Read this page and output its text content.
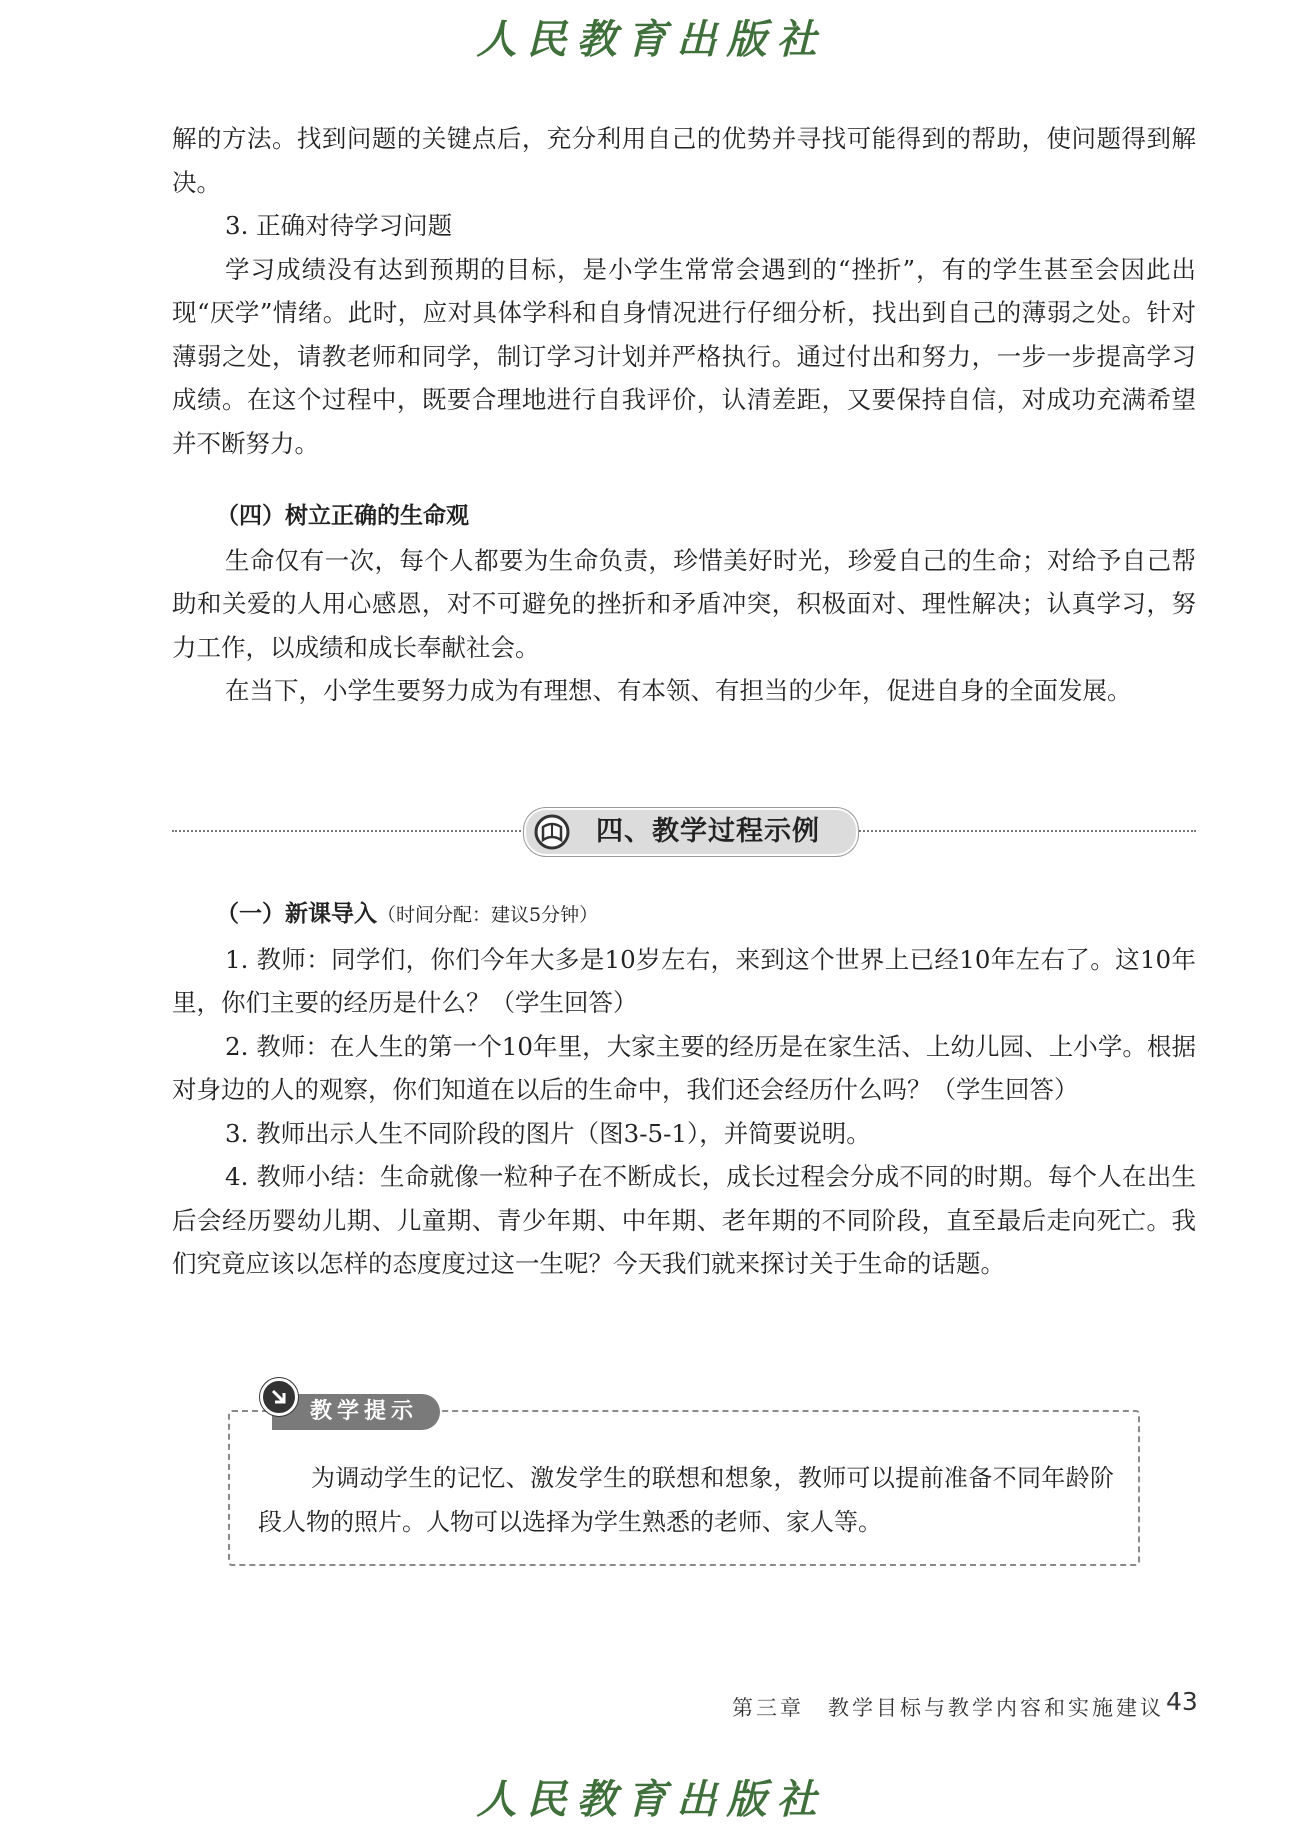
人民教育出版社

解的方法。找到问题的关键点后，充分利用自己的优势并寻找可能得到的帮助，使问题得到解决。

3. 正确对待学习问题

学习成绩没有达到预期的目标，是小学生常常会遇到的“挫折”，有的学生甚至会因此出现“厌学”情绪。此时，应对具体学科和自身情况进行仔细分析，找出到自己的薄弱之处。针对薄弱之处，请教老师和同学，制订学习计划并严格执行。通过付出和努力，一步一步提高学习成绩。在这个过程中，既要合理地进行自我评价，认清差距，又要保持自信，对成功充满希望并不断努力。

（四）树立正确的生命观

生命仅有一次，每个人都要为生命负责，珍惜美好时光，珍爱自己的生命；对给予自己帮助和关爱的人用心感恩，对不可避免的挫折和矛盾冲突，积极面对、理性解决；认真学习，努力工作，以成绩和成长奉献社会。

在当下，小学生要努力成为有理想、有本领、有担当的少年，促进自身的全面发展。

四、教学过程示例

（一）新课导入（时间分配：建议5分钟）

1. 教师：同学们，你们今年大多是10岁左右，来到这个世界上已经10年左右了。这10年里，你们主要的经历是什么？（学生回答）

2. 教师：在人生的第一个10年里，大家主要的经历是在家生活、上幼儿园、上小学。根据对身边的人的观察，你们知道在以后的生命中，我们还会经历什么吗？（学生回答）

3. 教师出示人生不同阶段的图片（图3-5-1），并简要说明。

4. 教师小结：生命就像一粒种子在不断成长，成长过程会分成不同的时期。每个人在出生后会经历婴幼儿期、儿童期、青少年期、中年期、老年期的不同阶段，直至最后走向死亡。我们究竟应该以怎样的态度度过这一生呢？今天我们就来探讨关于生命的话题。

教学提示

为调动学生的记忆、激发学生的联想和想象，教师可以提前准备不同年龄阶段人物的照片。人物可以选择为学生熟悉的老师、家人等。

第三章　教学目标与教学内容和实施建议 43
人民教育出版社
